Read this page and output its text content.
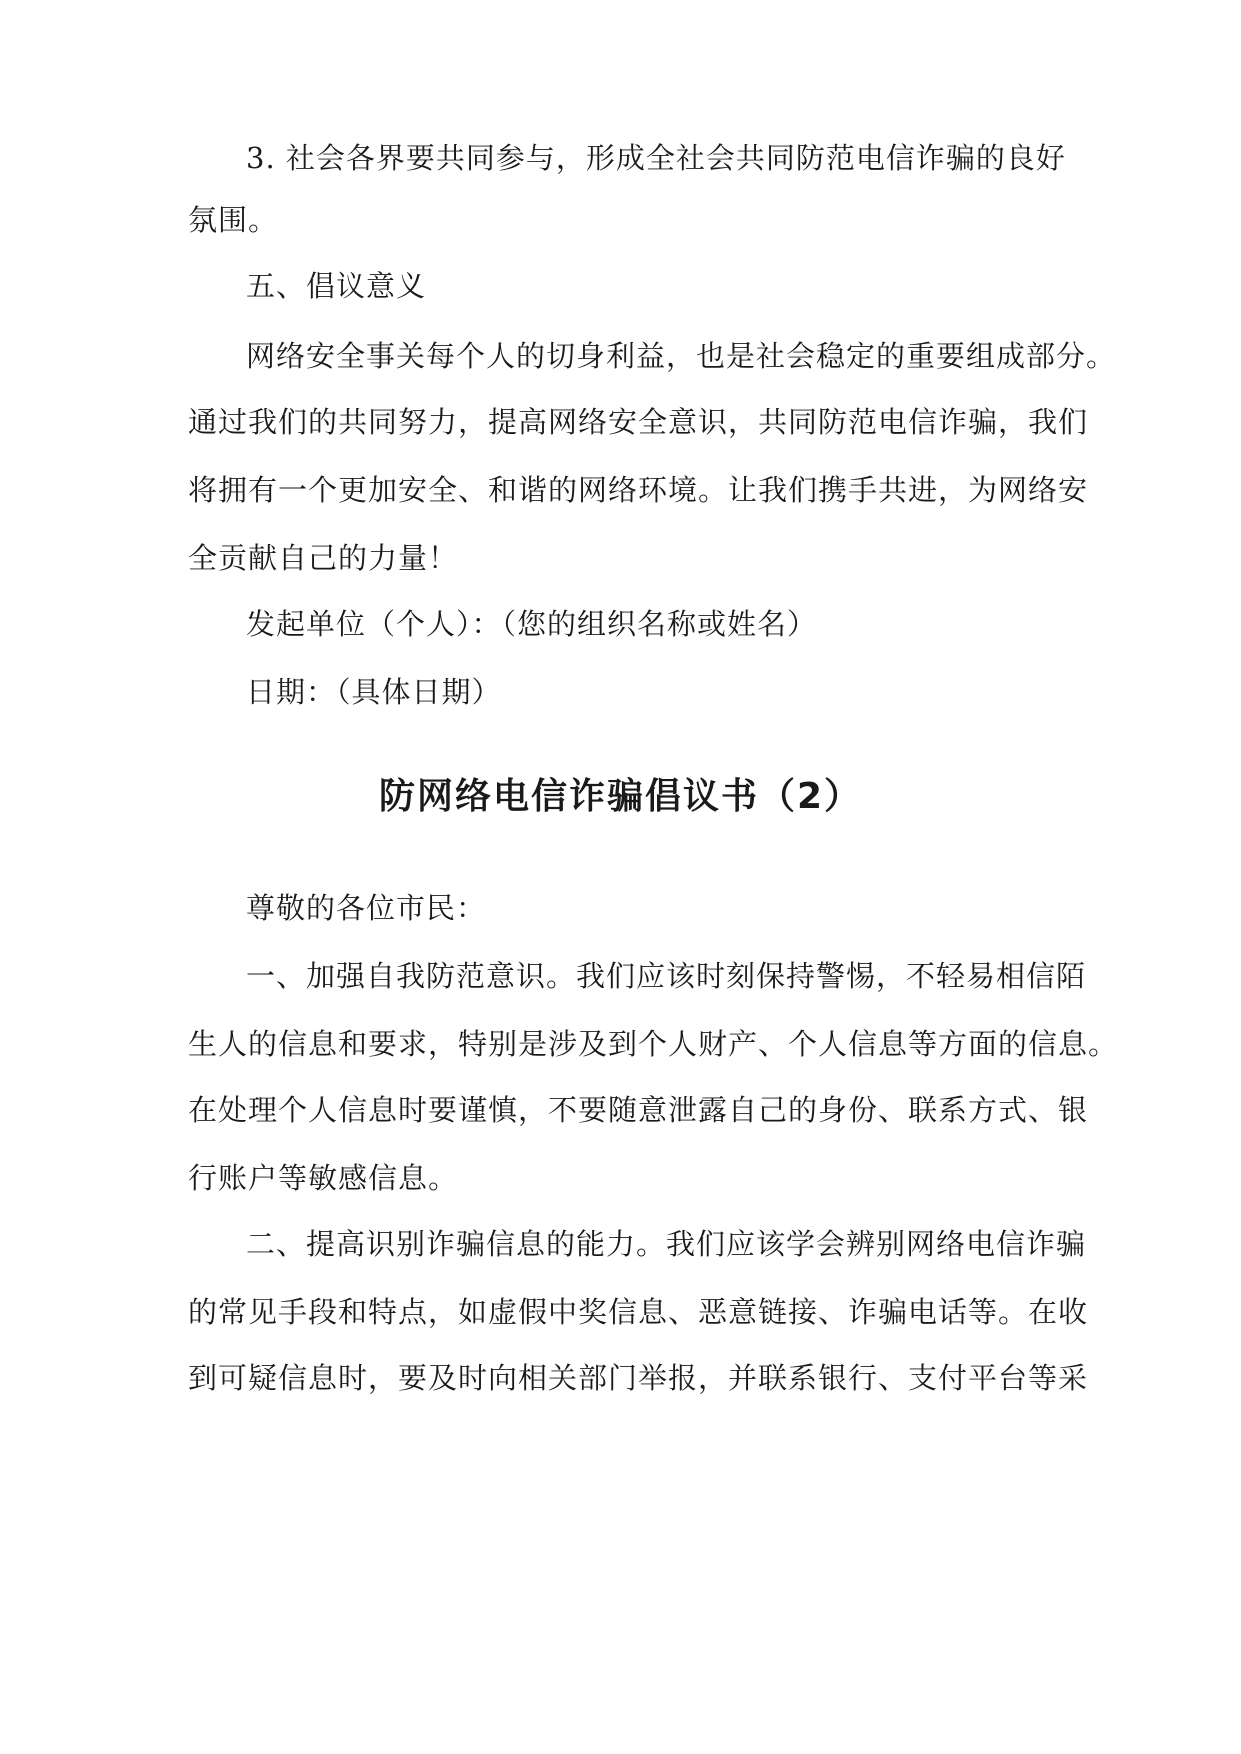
3. 社会各界要共同参与，形成全社会共同防范电信诈骗的良好
氛围。
五、倡议意义
网络安全事关每个人的切身利益，也是社会稳定的重要组成部分。
通过我们的共同努力，提高网络安全意识，共同防范电信诈骗，我们
将拥有一个更加安全、和谐的网络环境。让我们携手共进，为网络安
全贡献自己的力量！
发起单位（个人）：（您的组织名称或姓名）
日期：（具体日期）
防网络电信诈骗倡议书（2）
尊敬的各位市民：
一、加强自我防范意识。我们应该时刻保持警惕，不轻易相信陌
生人的信息和要求，特别是涉及到个人财产、个人信息等方面的信息。
在处理个人信息时要谨慎，不要随意泄露自己的身份、联系方式、银
行账户等敏感信息。
二、提高识别诈骗信息的能力。我们应该学会辨别网络电信诈骗
的常见手段和特点，如虚假中奖信息、恶意链接、诈骗电话等。在收
到可疑信息时，要及时向相关部门举报，并联系银行、支付平台等采
